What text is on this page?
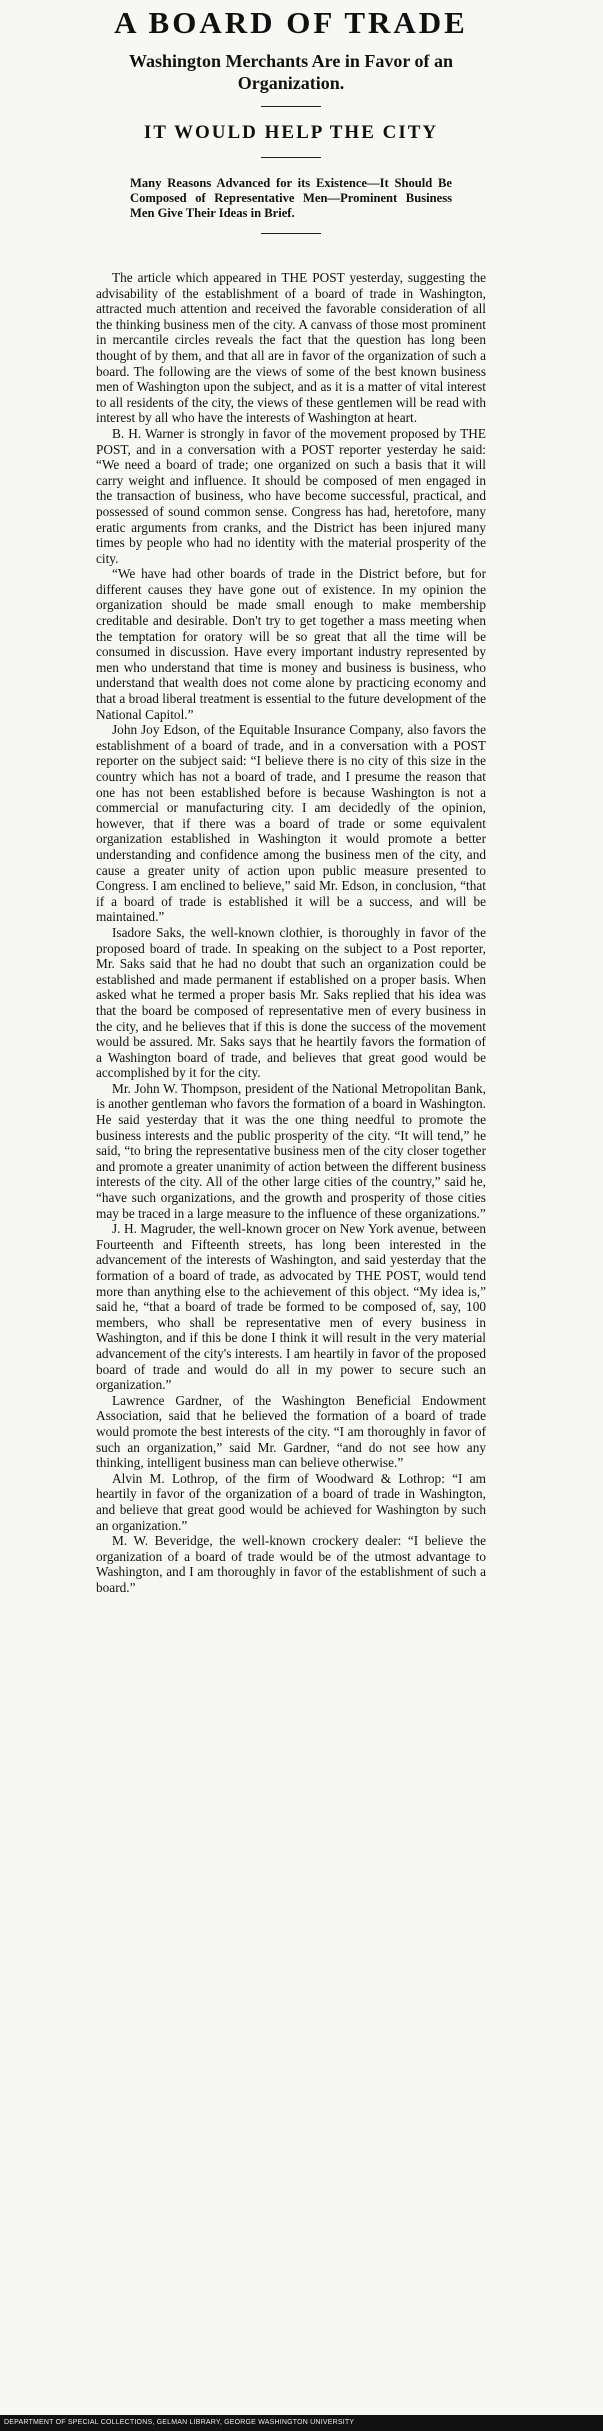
A BOARD OF TRADE
Washington Merchants Are in Favor of an Organization.
IT WOULD HELP THE CITY
Many Reasons Advanced for its Existence—It Should Be Composed of Representative Men—Prominent Business Men Give Their Ideas in Brief.

The article which appeared in THE POST yesterday, suggesting the advisability of the establishment of a board of trade in Washington, attracted much attention and received the favorable consideration of all the thinking business men of the city. A canvass of those most prominent in mercantile circles reveals the fact that the question has long been thought of by them, and that all are in favor of the organization of such a board. The following are the views of some of the best known business men of Washington upon the subject, and as it is a matter of vital interest to all residents of the city, the views of these gentlemen will be read with interest by all who have the interests of Washington at heart.

B. H. Warner is strongly in favor of the movement proposed by THE POST, and in a conversation with a POST reporter yesterday he said: “We need a board of trade; one organized on such a basis that it will carry weight and influence. It should be composed of men engaged in the transaction of business, who have become successful, practical, and possessed of sound common sense. Congress has had, heretofore, many eratic arguments from cranks, and the District has been injured many times by people who had no identity with the material prosperity of the city.

“We have had other boards of trade in the District before, but for different causes they have gone out of existence. In my opinion the organization should be made small enough to make membership creditable and desirable. Don't try to get together a mass meeting when the temptation for oratory will be so great that all the time will be consumed in discussion. Have every important industry represented by men who understand that time is money and business is business, who understand that wealth does not come alone by practicing economy and that a broad liberal treatment is essential to the future development of the National Capitol.”

John Joy Edson, of the Equitable Insurance Company, also favors the establishment of a board of trade, and in a conversation with a POST reporter on the subject said: “I believe there is no city of this size in the country which has not a board of trade, and I presume the reason that one has not been established before is because Washington is not a commercial or manufacturing city. I am decidedly of the opinion, however, that if there was a board of trade or some equivalent organization established in Washington it would promote a better understanding and confidence among the business men of the city, and cause a greater unity of action upon public measure presented to Congress. I am enclined to believe,” said Mr. Edson, in conclusion, “that if a board of trade is established it will be a success, and will be maintained.”

Isadore Saks, the well-known clothier, is thoroughly in favor of the proposed board of trade. In speaking on the subject to a Post reporter, Mr. Saks said that he had no doubt that such an organization could be established and made permanent if established on a proper basis. When asked what he termed a proper basis Mr. Saks replied that his idea was that the board be composed of representative men of every business in the city, and he believes that if this is done the success of the movement would be assured. Mr. Saks says that he heartily favors the formation of a Washington board of trade, and believes that great good would be accomplished by it for the city.

Mr. John W. Thompson, president of the National Metropolitan Bank, is another gentleman who favors the formation of a board in Washington. He said yesterday that it was the one thing needful to promote the business interests and the public prosperity of the city. “It will tend,” he said, “to bring the representative business men of the city closer together and promote a greater unanimity of action between the different business interests of the city. All of the other large cities of the country,” said he, “have such organizations, and the growth and prosperity of those cities may be traced in a large measure to the influence of these organizations.”

J. H. Magruder, the well-known grocer on New York avenue, between Fourteenth and Fifteenth streets, has long been interested in the advancement of the interests of Washington, and said yesterday that the formation of a board of trade, as advocated by THE POST, would tend more than anything else to the achievement of this object. “My idea is,” said he, “that a board of trade be formed to be composed of, say, 100 members, who shall be representative men of every business in Washington, and if this be done I think it will result in the very material advancement of the city's interests. I am heartily in favor of the proposed board of trade and would do all in my power to secure such an organization.”

Lawrence Gardner, of the Washington Beneficial Endowment Association, said that he believed the formation of a board of trade would promote the best interests of the city. “I am thoroughly in favor of such an organization,” said Mr. Gardner, “and do not see how any thinking, intelligent business man can believe otherwise.”

Alvin M. Lothrop, of the firm of Woodward & Lothrop: “I am heartily in favor of the organization of a board of trade in Washington, and believe that great good would be achieved for Washington by such an organization.”

M. W. Beveridge, the well-known crockery dealer: “I believe the organization of a board of trade would be of the utmost advantage to Washington, and I am thoroughly in favor of the establishment of such a board.”

DEPARTMENT OF SPECIAL COLLECTIONS, GELMAN LIBRARY, GEORGE WASHINGTON UNIVERSITY
